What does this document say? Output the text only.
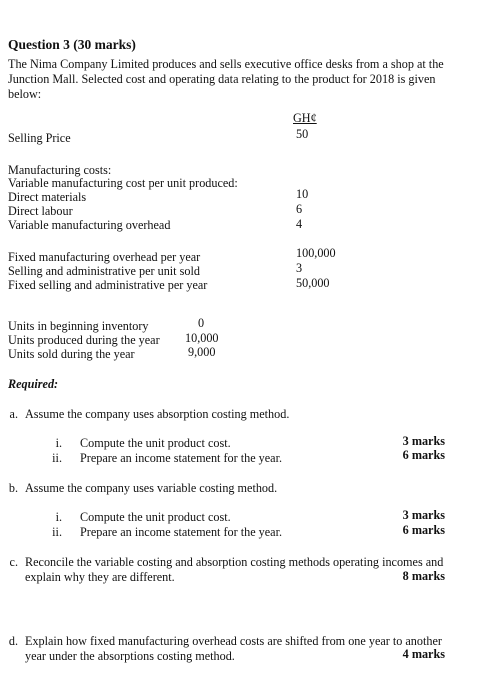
Question 3 (30 marks)
The Nima Company Limited produces and sells executive office desks from a shop at the Junction Mall. Selected cost and operating data relating to the product for 2018 is given below:
GH¢
Selling Price	50
Manufacturing costs:
Variable manufacturing cost per unit produced:
Direct materials	10
Direct labour	6
Variable manufacturing overhead	4
Fixed manufacturing overhead per year	100,000
Selling and administrative per unit sold	3
Fixed selling and administrative per year	50,000
Units in beginning inventory	0
Units produced during the year 10,000
Units sold during the year	9,000
Required:
a. Assume the company uses absorption costing method.
i. Compute the unit product cost.	3 marks
ii. Prepare an income statement for the year.	6 marks
b. Assume the company uses variable costing method.
i. Compute the unit product cost.	3 marks
ii. Prepare an income statement for the year.	6 marks
c. Reconcile the variable costing and absorption costing methods operating incomes and
explain why they are different.	8 marks
d. Explain how fixed manufacturing overhead costs are shifted from one year to another
year under the absorptions costing method.	4 marks
